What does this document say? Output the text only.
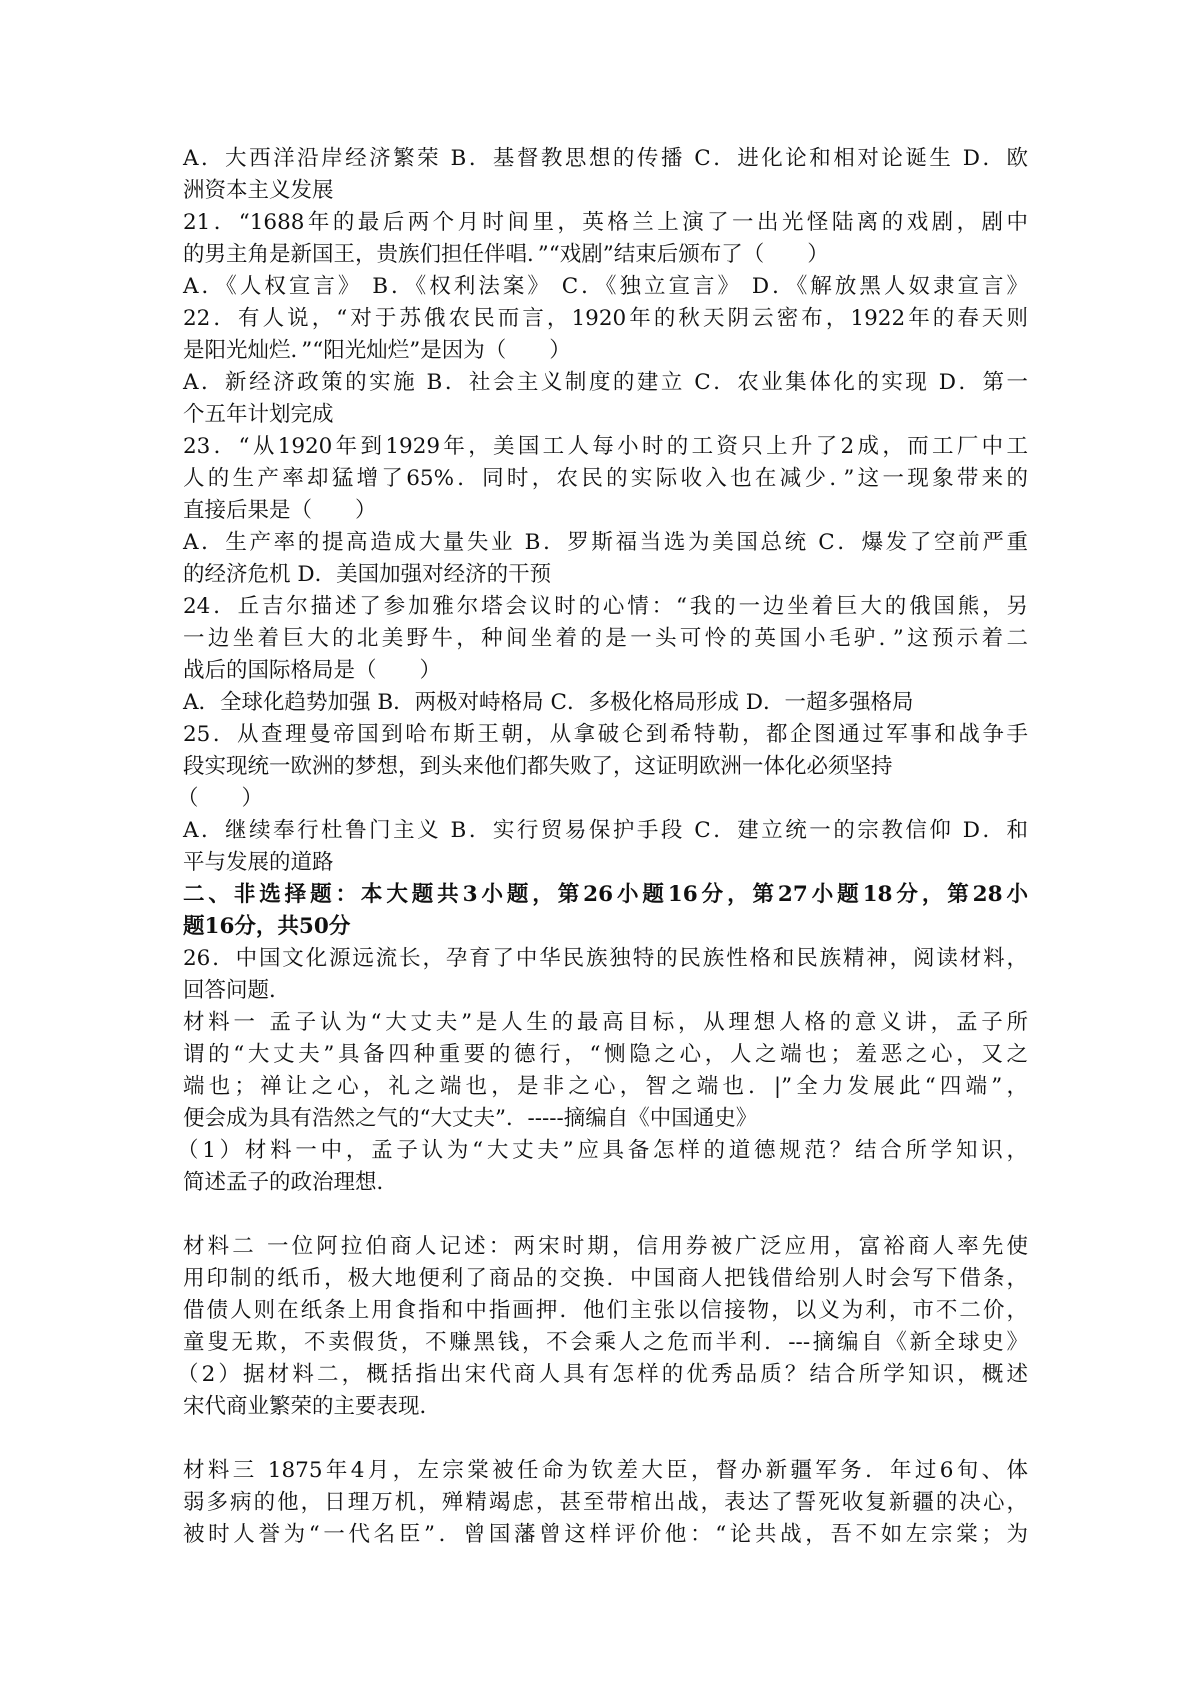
A．大西洋沿岸经济繁荣 B．基督教思想的传播 C．进化论和相对论诞生 D．欧
洲资本主义发展
21．“1688年的最后两个月时间里，英格兰上演了一出光怪陆离的戏剧，剧中
的男主角是新国王，贵族们担任伴唱．”“戏剧”结束后颁布了（　　）
A．《人权宣言》 B．《权利法案》 C．《独立宣言》 D．《解放黑人奴隶宣言》
22．有人说，“对于苏俄农民而言，1920年的秋天阴云密布，1922年的春天则
是阳光灿烂．”“阳光灿烂”是因为（　　）
A．新经济政策的实施 B．社会主义制度的建立 C．农业集体化的实现 D．第一
个五年计划完成
23．“从1920年到1929年，美国工人每小时的工资只上升了2成，而工厂中工
人的生产率却猛增了65%．同时，农民的实际收入也在减少．”这一现象带来的
直接后果是（　　）
A．生产率的提高造成大量失业 B．罗斯福当选为美国总统 C．爆发了空前严重
的经济危机 D．美国加强对经济的干预
24．丘吉尔描述了参加雅尔塔会议时的心情：“我的一边坐着巨大的俄国熊，另
一边坐着巨大的北美野牛，种间坐着的是一头可怜的英国小毛驴．”这预示着二
战后的国际格局是（　　）
A．全球化趋势加强 B．两极对峙格局 C．多极化格局形成 D．一超多强格局
25．从查理曼帝国到哈布斯王朝，从拿破仑到希特勒，都企图通过军事和战争手
段实现统一欧洲的梦想，到头来他们都失败了，这证明欧洲一体化必须坚持
（　　）
A．继续奉行杜鲁门主义 B．实行贸易保护手段 C．建立统一的宗教信仰 D．和
平与发展的道路
二、非选择题：本大题共3小题，第26小题16分，第27小题18分，第28小
题16分，共50分
26．中国文化源远流长，孕育了中华民族独特的民族性格和民族精神，阅读材料，
回答问题．
材料一 孟子认为“大丈夫”是人生的最高目标，从理想人格的意义讲，孟子所
谓的“大丈夫”具备四种重要的德行，“恻隐之心，人之端也；羞恶之心，又之
端也；禅让之心，礼之端也，是非之心，智之端也．|”全力发展此“四端”，
便会成为具有浩然之气的“大丈夫”．-----摘编自《中国通史》
（1）材料一中，孟子认为“大丈夫”应具备怎样的道德规范？结合所学知识，
简述孟子的政治理想．
材料二 一位阿拉伯商人记述：两宋时期，信用券被广泛应用，富裕商人率先使
用印制的纸币，极大地便利了商品的交换．中国商人把钱借给别人时会写下借条，
借债人则在纸条上用食指和中指画押．他们主张以信接物，以义为利，市不二价，
童叟无欺，不卖假货，不赚黑钱，不会乘人之危而半利．---摘编自《新全球史》
（2）据材料二，概括指出宋代商人具有怎样的优秀品质？结合所学知识，概述
宋代商业繁荣的主要表现．
材料三 1875年4月，左宗棠被任命为钦差大臣，督办新疆军务．年过6旬、体
弱多病的他，日理万机，殚精竭虑，甚至带棺出战，表达了誓死收复新疆的决心，
被时人誉为“一代名臣”．曾国藩曾这样评价他：“论共战，吾不如左宗棠；为
